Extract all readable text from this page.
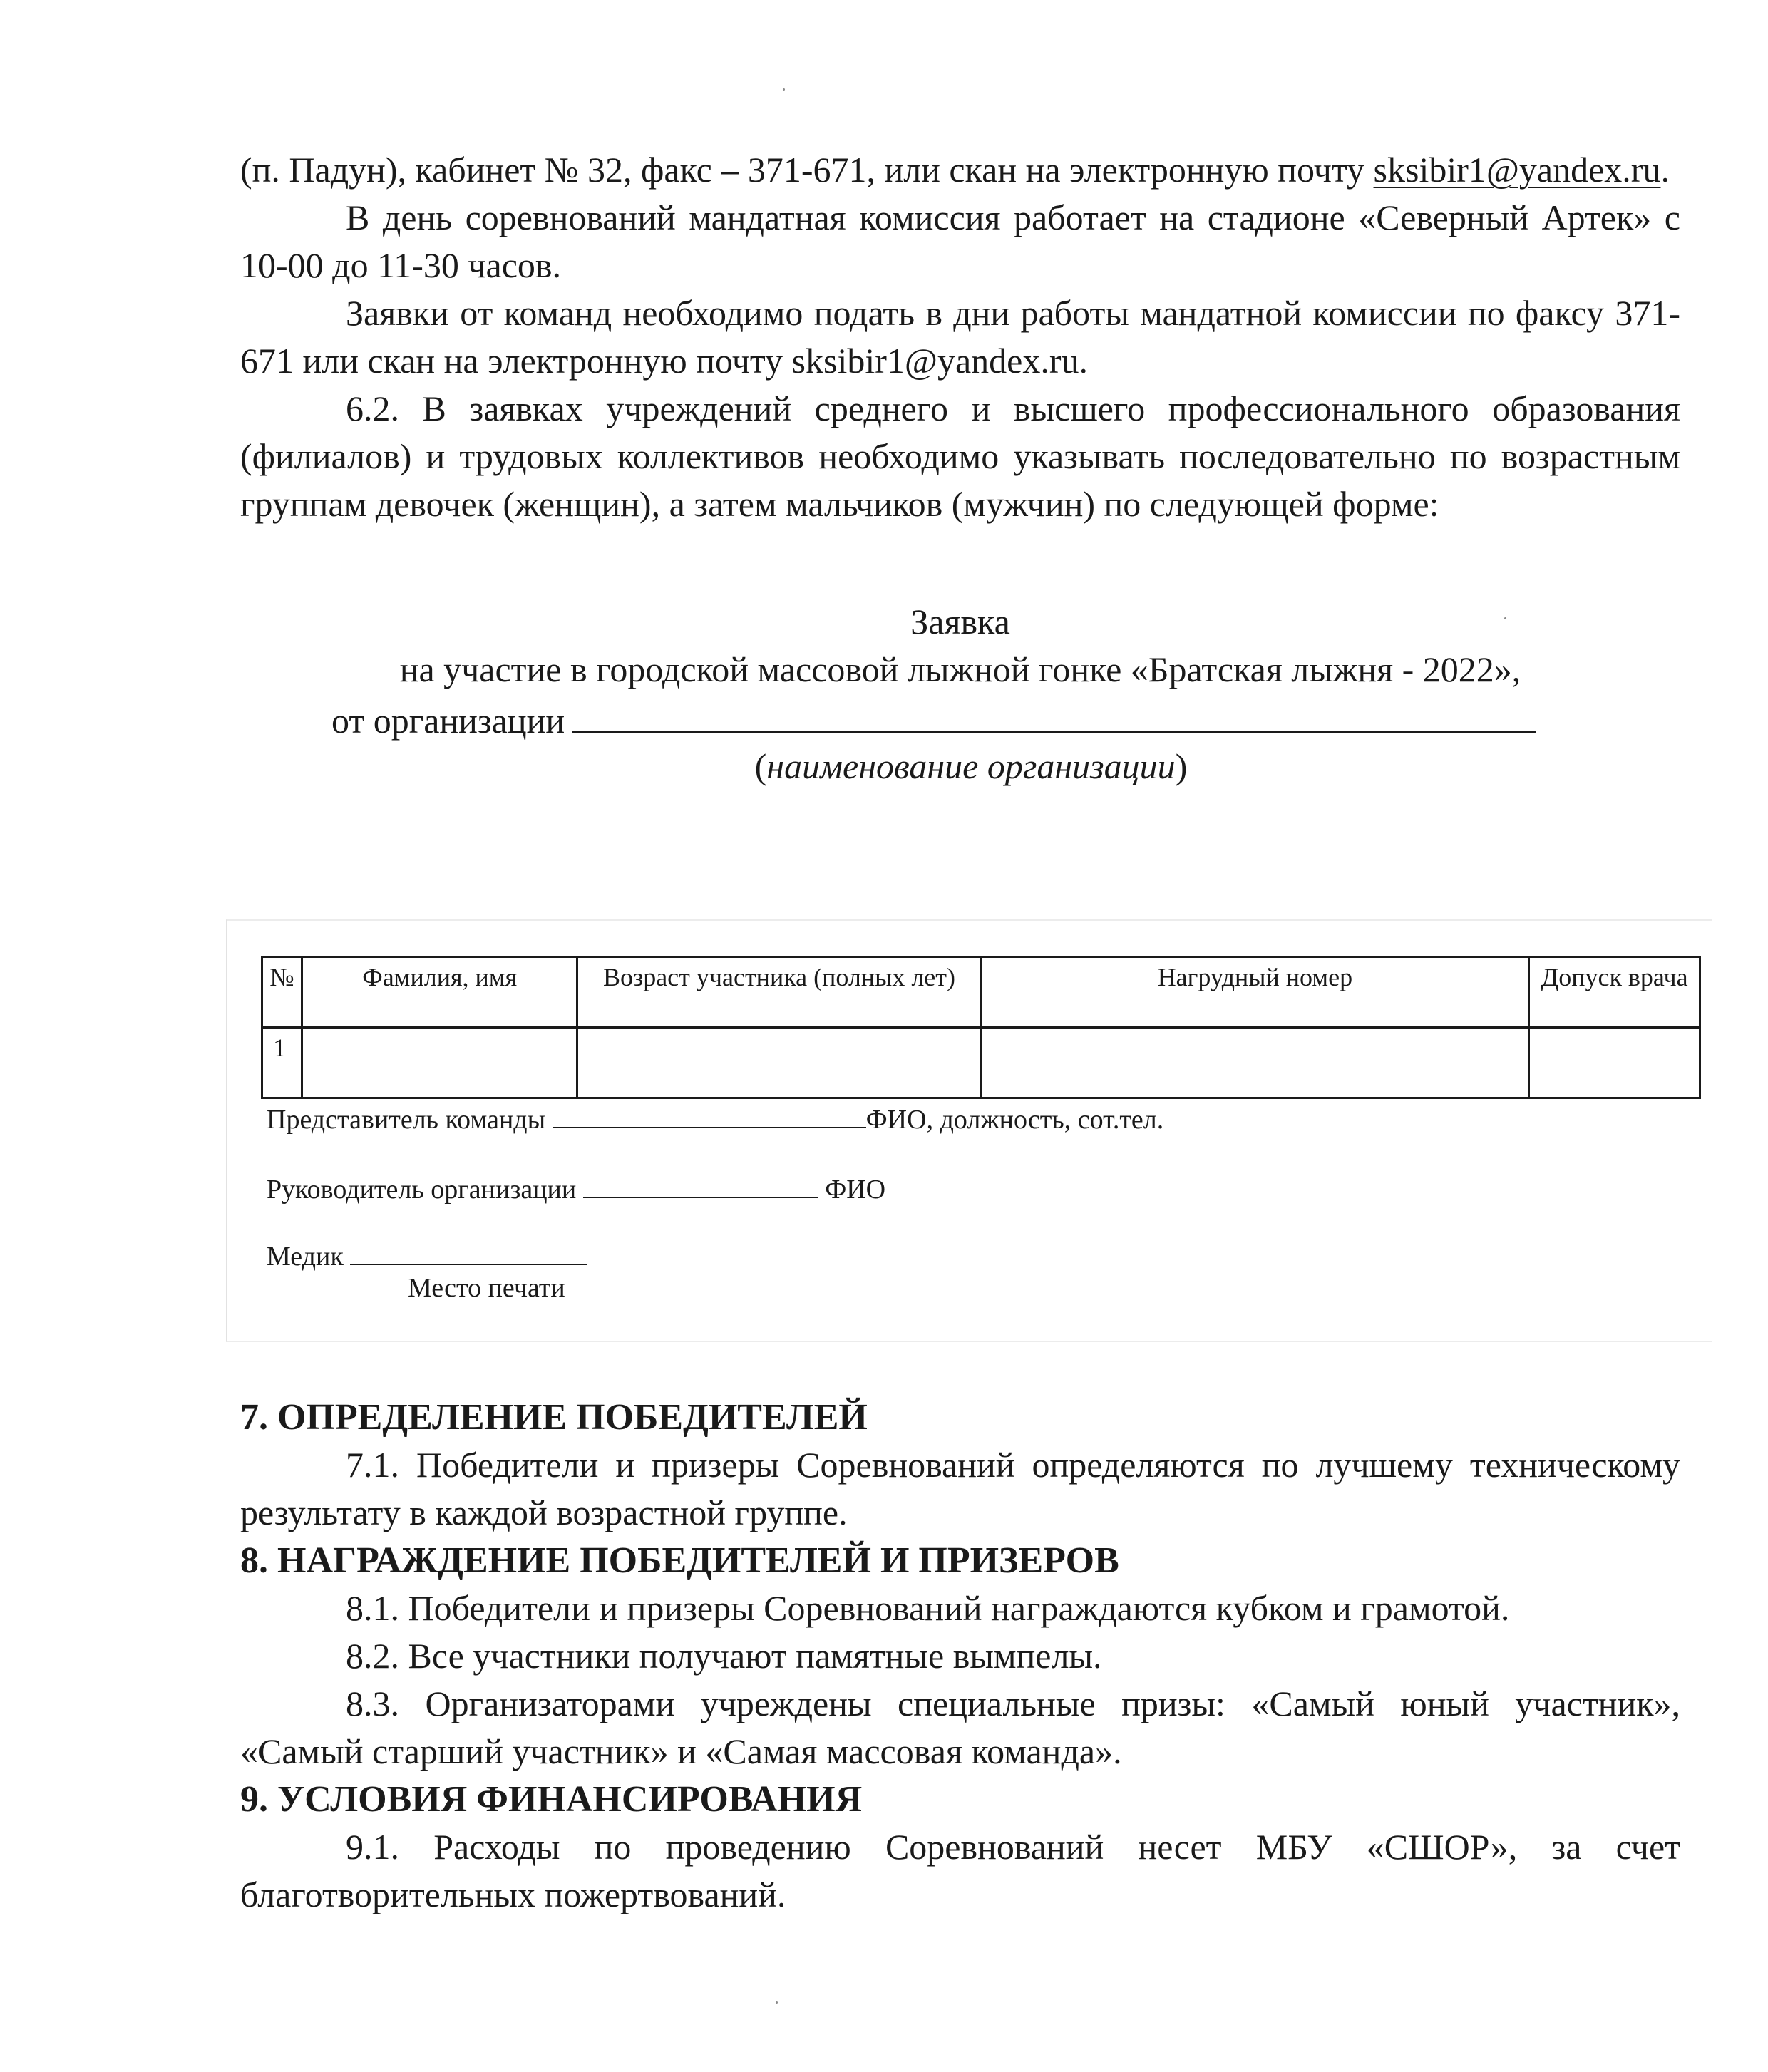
(п. Падун), кабинет № 32, факс – 371-671, или скан на электронную почту sksibir1@yandex.ru.

В день соревнований мандатная комиссия работает на стадионе «Северный Артек» с 10-00 до 11-30 часов.

Заявки от команд необходимо подать в дни работы мандатной комиссии по факсу 371-671 или скан на электронную почту sksibir1@yandex.ru.

6.2. В заявках учреждений среднего и высшего профессионального образования (филиалов) и трудовых коллективов необходимо указывать последовательно по возрастным группам девочек (женщин), а затем мальчиков (мужчин) по следующей форме:

Заявка

на участие в городской массовой лыжной гонке «Братская лыжня - 2022»,

от организации

(наименование организации)

№	Фамилия, имя	Возраст участника (полных лет)	Нагрудный номер	Допуск врача
1				
Представитель команды	ФИО, должность, сот.тел.
Руководитель организации	ФИО
Медик
Место печати

7. ОПРЕДЕЛЕНИЕ ПОБЕДИТЕЛЕЙ

7.1. Победители и призеры Соревнований определяются по лучшему техническому результату в каждой возрастной группе.

8. НАГРАЖДЕНИЕ ПОБЕДИТЕЛЕЙ И ПРИЗЕРОВ

8.1. Победители и призеры Соревнований награждаются кубком и грамотой.

8.2. Все участники получают памятные вымпелы.

8.3. Организаторами учреждены специальные призы: «Самый юный участник», «Самый старший участник» и «Самая массовая команда».

9. УСЛОВИЯ ФИНАНСИРОВАНИЯ

9.1. Расходы по проведению Соревнований несет МБУ «СШОР», за счет благотворительных пожертвований.
